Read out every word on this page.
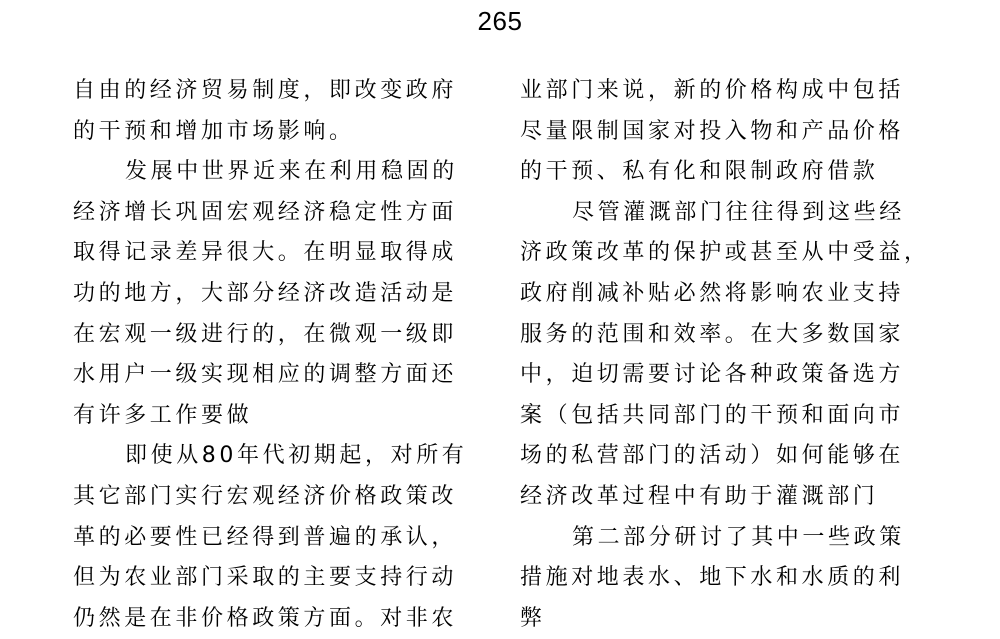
265
自由的经济贸易制度，即改变政府
的干预和增加市场影响。
发展中世界近来在利用稳固的
经济增长巩固宏观经济稳定性方面
取得记录差异很大。在明显取得成
功的地方，大部分经济改造活动是
在宏观一级进行的，在微观一级即
水用户一级实现相应的调整方面还
有许多工作要做
即使从80年代初期起，对所有
其它部门实行宏观经济价格政策改
革的必要性已经得到普遍的承认，
但为农业部门采取的主要支持行动
仍然是在非价格政策方面。对非农
业部门来说，新的价格构成中包括
尽量限制国家对投入物和产品价格
的干预、私有化和限制政府借款
尽管灌溉部门往往得到这些经
济政策改革的保护或甚至从中受益，
政府削减补贴必然将影响农业支持
服务的范围和效率。在大多数国家
中，迫切需要讨论各种政策备选方
案（包括共同部门的干预和面向市
场的私营部门的活动）如何能够在
经济改革过程中有助于灌溉部门
第二部分研讨了其中一些政策
措施对地表水、地下水和水质的利
弊
